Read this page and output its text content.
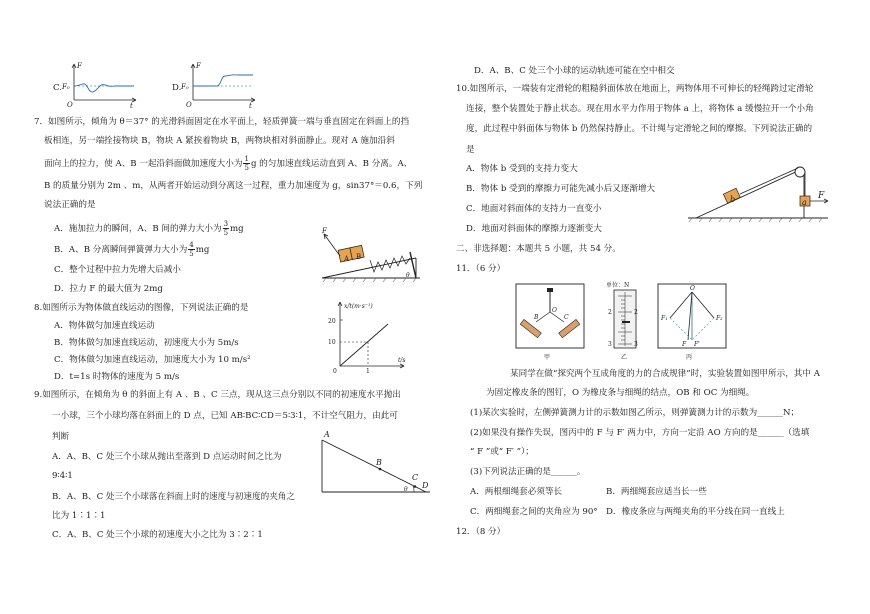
C.
F
F₀
O	t
D.
F
F₀
O	t
7．如图所示，倾角为 θ＝37° 的光滑斜面固定在水平面上，轻质弹簧一端与垂直固定在斜面上的挡
板相连，另一端拴接物块 B，物块 A 紧挨着物块 B，两物块相对斜面静止。现对 A 施加沿斜
面向上的拉力，使 A、B 一起沿斜面做加速度大小为 $\frac{1}{5}$ g 的匀加速直线运动直到 A、B 分离。A、
B 的质量分别为 2m 、m，从两者开始运动到分离这一过程，重力加速度为 g，sin37°＝0.6，下列
说法正确的是
A．施加拉力的瞬间，A、B 间的弹力大小为 $\frac{3}{5}$ mg
B．A、B 分离瞬间弹簧弹力大小为 $\frac{4}{5}$ mg
C．整个过程中拉力先增大后减小
D．拉力 F 的最大值为 2mg
F
A B
θ
8.如图所示为物体做直线运动的图像，下列说法正确的是
A．物体做匀加速直线运动
B．物体做匀加速直线运动，初速度大小为 5m/s
C．物体做匀加速直线运动，加速度大小为 10 m/s²
D．t=1s 时物体的速度为 5 m/s
x/t(m·s⁻¹)
t/s
20
10
0	1
9.如图所示，在倾角为 θ 的斜面上有 A 、B 、C 三点，现从这三点分别以不同的初速度水平抛出
一小球，三个小球均落在斜面上的 D 点，已知 AB∶BC∶CD＝5∶3∶1，不计空气阻力，由此可
判断
A．A、B、C 处三个小球从抛出至落到 D 点运动时间之比为
9∶4∶1
B．A、B、C 处三个小球落在斜面上时的速度与初速度的夹角之
比为 1∶1∶1
C．A、B、C 处三个小球的初速度大小之比为 3∶2∶1
A
B
C
D
θ
D．A、B、C 处三个小球的运动轨迹可能在空中相交
10.如图所示，一端装有定滑轮的粗糙斜面体放在地面上，两物体用不可伸长的轻绳跨过定滑轮
连接，整个装置处于静止状态。现在用水平力作用于物体 a 上，将物体 a 缓慢拉开一个小角
度，此过程中斜面体与物体 b 仍然保持静止。不计绳与定滑轮之间的摩擦。下列说法正确的
是
A．物体 b 受到的支持力变大
B．物体 b 受到的摩擦力可能先减小后又逐渐增大
C．地面对斜面体的支持力一直变小
D．地面对斜面体的摩擦力逐渐变大
b	a
F
二、非选择题：本题共 5 小题，共 54 分。
11．（6 分）
O
B	C
甲
单位：N
2	2
3	3
乙
O
F₁	F₂
F F'
丙
某同学在做“探究两个互成角度的力的合成规律”时，实验装置如图甲所示，其中 A
为固定橡皮条的图钉，O 为橡皮条与细绳的结点，OB 和 OC 为细绳。
(1)某次实验时，左侧弹簧测力计的示数如图乙所示，则弹簧测力计的示数为______N；
(2)如果没有操作失误，图丙中的 F 与 F′ 两力中，方向一定沿 AO 方向的是______（选填
“ F ”或“ F′ ”）；
(3)下列说法正确的是______。
A．两根细绳套必须等长	B．两细绳套应适当长一些
C．两细绳套之间的夹角应为 90° D．橡皮条应与两绳夹角的平分线在同一直线上
12．（8 分）
